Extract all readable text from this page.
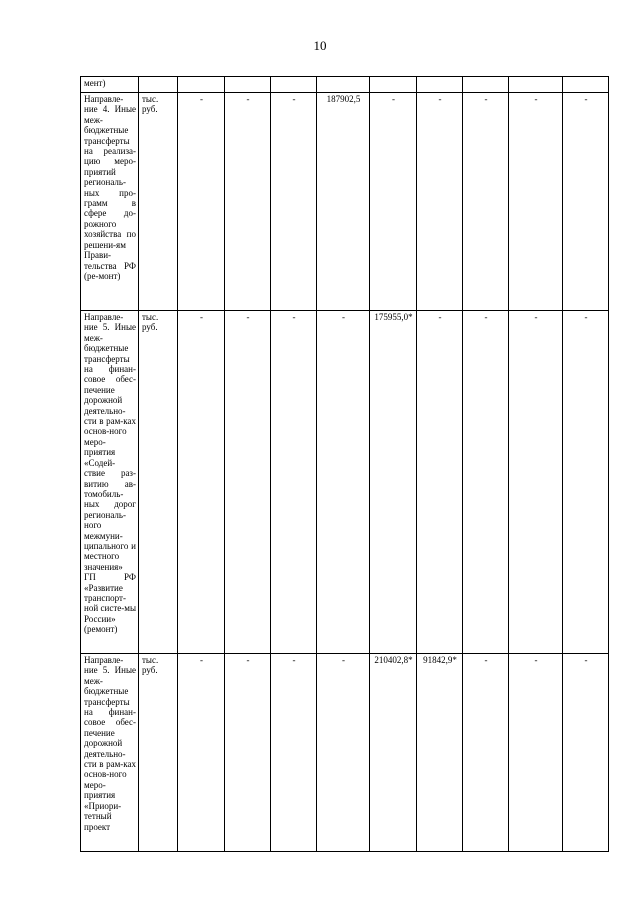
10
мент)										
Направле-ние 4. Иные меж-бюджетные трансферты на реализа-цию меро-приятий региональ-ных про-грамм в сфере до-рожного хозяйства по решени-ям Прави-тельства РФ (ре-монт)	тыс. руб.	-	-	-	187902,5	-	-	-	-	-
Направле-ние 5. Иные меж-бюджетные трансферты на финан-совое обес-печение дорожной деятельно-сти в рам-ках основ-ного меро-приятия «Содей-ствие раз-витию ав-томобиль-ных дорог региональ-ного межмуни-ципального и местного значения» ГП РФ «Развитие транспорт-ной систе-мы России» (ремонт)	тыс. руб.	-	-	-	-	175955,0*	-	-	-	-
Направле-ние 5. Иные меж-бюджетные трансферты на финан-совое обес-печение дорожной деятельно-сти в рам-ках основ-ного меро-приятия «Приори-тетный проект	тыс. руб.	-	-	-	-	210402,8*	91842,9*	-	-	-
